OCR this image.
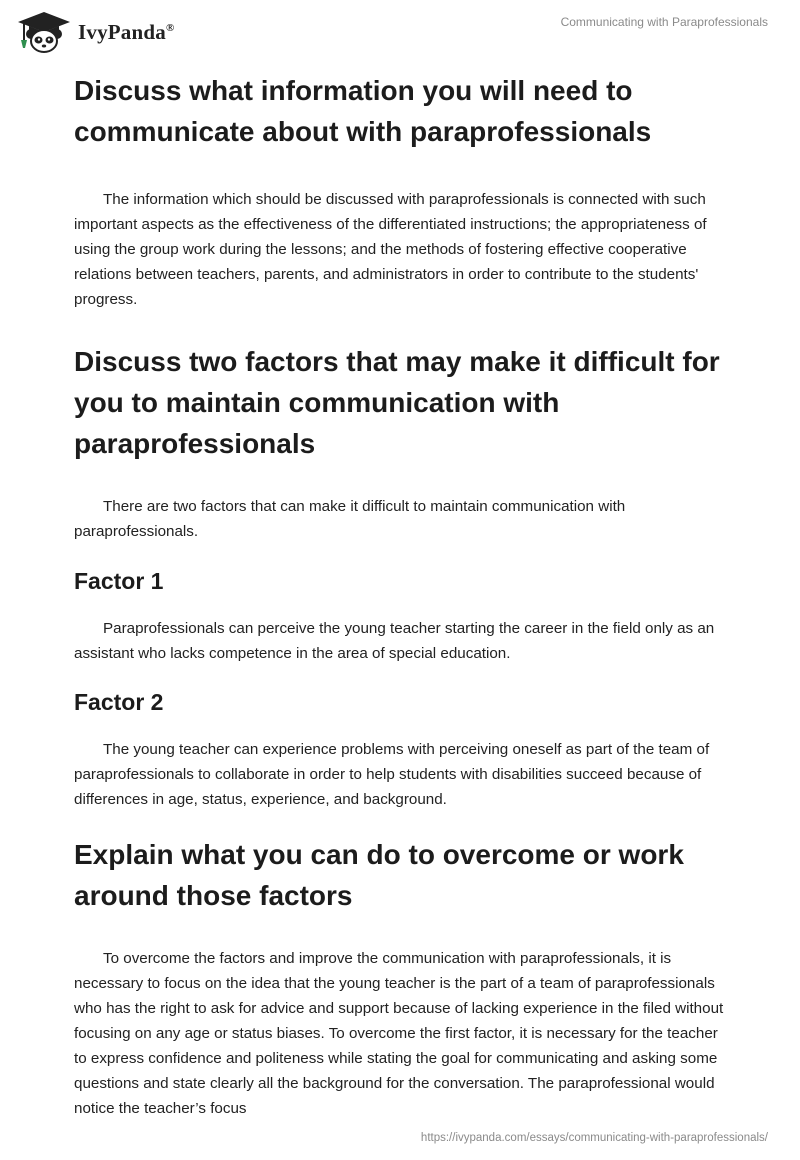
IvyPanda®	Communicating with Paraprofessionals
Discuss what information you will need to communicate about with paraprofessionals

The information which should be discussed with paraprofessionals is connected with such important aspects as the effectiveness of the differentiated instructions; the appropriateness of using the group work during the lessons; and the methods of fostering effective cooperative relations between teachers, parents, and administrators in order to contribute to the students' progress.

Discuss two factors that may make it difficult for you to maintain communication with paraprofessionals

There are two factors that can make it difficult to maintain communication with paraprofessionals.

Factor 1

Paraprofessionals can perceive the young teacher starting the career in the field only as an assistant who lacks competence in the area of special education.

Factor 2

The young teacher can experience problems with perceiving oneself as part of the team of paraprofessionals to collaborate in order to help students with disabilities succeed because of differences in age, status, experience, and background.

Explain what you can do to overcome or work around those factors

To overcome the factors and improve the communication with paraprofessionals, it is necessary to focus on the idea that the young teacher is the part of a team of paraprofessionals who has the right to ask for advice and support because of lacking experience in the filed without focusing on any age or status biases. To overcome the first factor, it is necessary for the teacher to express confidence and politeness while stating the goal for communicating and asking some questions and state clearly all the background for the conversation. The paraprofessional would notice the teacher’s focus

https://ivypanda.com/essays/communicating-with-paraprofessionals/
